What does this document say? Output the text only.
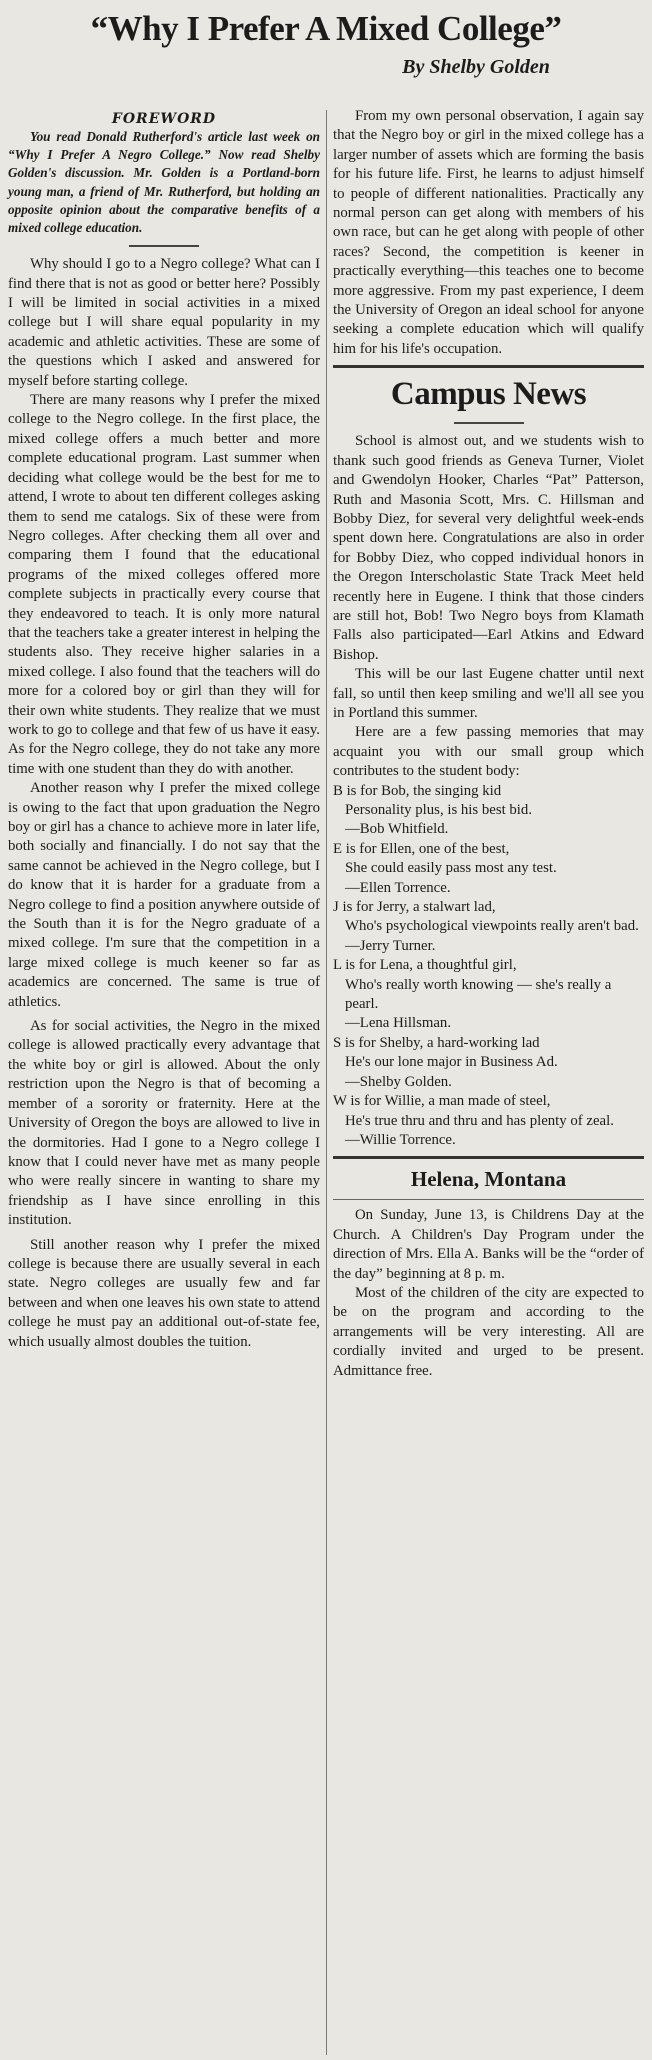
“Why I Prefer A Mixed College”
By Shelby Golden
FOREWORD

You read Donald Rutherford's article last week on “Why I Prefer A Negro College.” Now read Shelby Golden's discussion. Mr. Golden is a Portland-born young man, a friend of Mr. Rutherford, but holding an opposite opinion about the comparative benefits of a mixed college education.

Why should I go to a Negro college? What can I find there that is not as good or better here? Possibly I will be limited in social activities in a mixed college but I will share equal popularity in my academic and athletic activities. These are some of the questions which I asked and answered for myself before starting college.

There are many reasons why I prefer the mixed college to the Negro college. In the first place, the mixed college offers a much better and more complete educational program. Last summer when deciding what college would be the best for me to attend, I wrote to about ten different colleges asking them to send me catalogs. Six of these were from Negro colleges. After checking them all over and comparing them I found that the educational programs of the mixed colleges offered more complete subjects in practically every course that they endeavored to teach. It is only more natural that the teachers take a greater interest in helping the students also. They receive higher salaries in a mixed college. I also found that the teachers will do more for a colored boy or girl than they will for their own white students. They realize that we must work to go to college and that few of us have it easy. As for the Negro college, they do not take any more time with one student than they do with another.

Another reason why I prefer the mixed college is owing to the fact that upon graduation the Negro boy or girl has a chance to achieve more in later life, both socially and financially. I do not say that the same cannot be achieved in the Negro college, but I do know that it is harder for a graduate from a Negro college to find a position anywhere outside of the South than it is for the Negro graduate of a mixed college. I'm sure that the competition in a large mixed college is much keener so far as academics are concerned. The same is true of athletics.

As for social activities, the Negro in the mixed college is allowed practically every advantage that the white boy or girl is allowed. About the only restriction upon the Negro is that of becoming a member of a sorority or fraternity. Here at the University of Oregon the boys are allowed to live in the dormitories. Had I gone to a Negro college I know that I could never have met as many people who were really sincere in wanting to share my friendship as I have since enrolling in this institution.

Still another reason why I prefer the mixed college is because there are usually several in each state. Negro colleges are usually few and far between and when one leaves his own state to attend college he must pay an additional out-of-state fee, which usually almost doubles the tuition.

From my own personal observation, I again say that the Negro boy or girl in the mixed college has a larger number of assets which are forming the basis for his future life. First, he learns to adjust himself to people of different nationalities. Practically any normal person can get along with members of his own race, but can he get along with people of other races? Second, the competition is keener in practically everything—this teaches one to become more aggressive. From my past experience, I deem the University of Oregon an ideal school for anyone seeking a complete education which will qualify him for his life's occupation.

Campus News

School is almost out, and we students wish to thank such good friends as Geneva Turner, Violet and Gwendolyn Hooker, Charles “Pat” Patterson, Ruth and Masonia Scott, Mrs. C. Hillsman and Bobby Diez, for several very delightful week-ends spent down here. Congratulations are also in order for Bobby Diez, who copped individual honors in the Oregon Interscholastic State Track Meet held recently here in Eugene. I think that those cinders are still hot, Bob! Two Negro boys from Klamath Falls also participated—Earl Atkins and Edward Bishop.

This will be our last Eugene chatter until next fall, so until then keep smiling and we'll all see you in Portland this summer.

Here are a few passing memories that may acquaint you with our small group which contributes to the student body:

B is for Bob, the singing kid
Personality plus, is his best bid.
—Bob Whitfield.
E is for Ellen, one of the best,
She could easily pass most any test.
—Ellen Torrence.
J is for Jerry, a stalwart lad,
Who's psychological viewpoints really aren't bad.
—Jerry Turner.
L is for Lena, a thoughtful girl,
Who's really worth knowing — she's really a pearl.
—Lena Hillsman.
S is for Shelby, a hard-working lad
He's our lone major in Business Ad.
—Shelby Golden.
W is for Willie, a man made of steel,
He's true thru and thru and has plenty of zeal.
—Willie Torrence.
Helena, Montana

On Sunday, June 13, is Childrens Day at the Church. A Children's Day Program under the direction of Mrs. Ella A. Banks will be the “order of the day” beginning at 8 p. m.

Most of the children of the city are expected to be on the program and according to the arrangements will be very interesting. All are cordially invited and urged to be present. Admittance free.
